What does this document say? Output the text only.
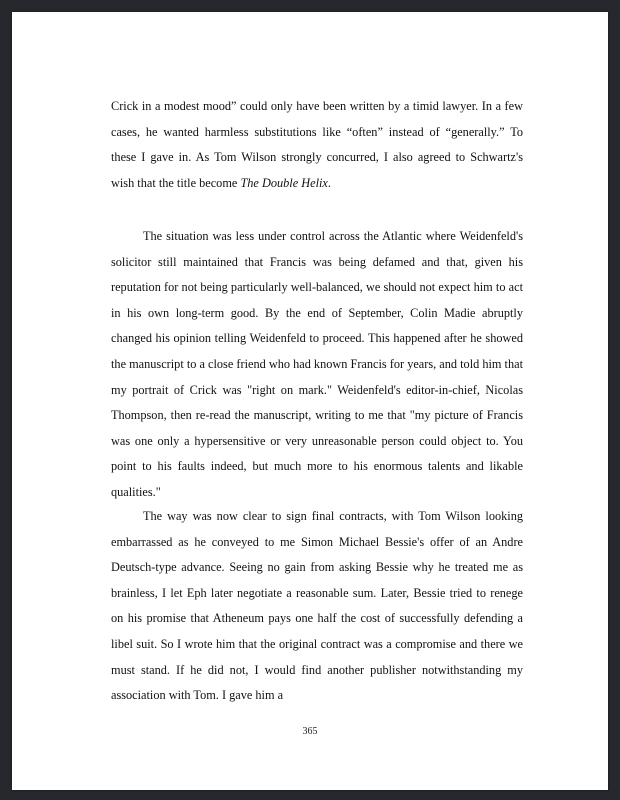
Crick in a modest mood” could only have been written by a timid lawyer. In a few cases, he wanted harmless substitutions like “often” instead of “generally.” To these I gave in. As Tom Wilson strongly concurred, I also agreed to Schwartz's wish that the title become The Double Helix.

The situation was less under control across the Atlantic where Weidenfeld's solicitor still maintained that Francis was being defamed and that, given his reputation for not being particularly well-balanced, we should not expect him to act in his own long-term good. By the end of September, Colin Madie abruptly changed his opinion telling Weidenfeld to proceed. This happened after he showed the manuscript to a close friend who had known Francis for years, and told him that my portrait of Crick was "right on mark." Weidenfeld's editor-in-chief, Nicolas Thompson, then re-read the manuscript, writing to me that "my picture of Francis was one only a hypersensitive or very unreasonable person could object to. You point to his faults indeed, but much more to his enormous talents and likable qualities."

The way was now clear to sign final contracts, with Tom Wilson looking embarrassed as he conveyed to me Simon Michael Bessie's offer of an Andre Deutsch-type advance. Seeing no gain from asking Bessie why he treated me as brainless, I let Eph later negotiate a reasonable sum. Later, Bessie tried to renege on his promise that Atheneum pays one half the cost of successfully defending a libel suit. So I wrote him that the original contract was a compromise and there we must stand. If he did not, I would find another publisher notwithstanding my association with Tom. I gave him a

365
